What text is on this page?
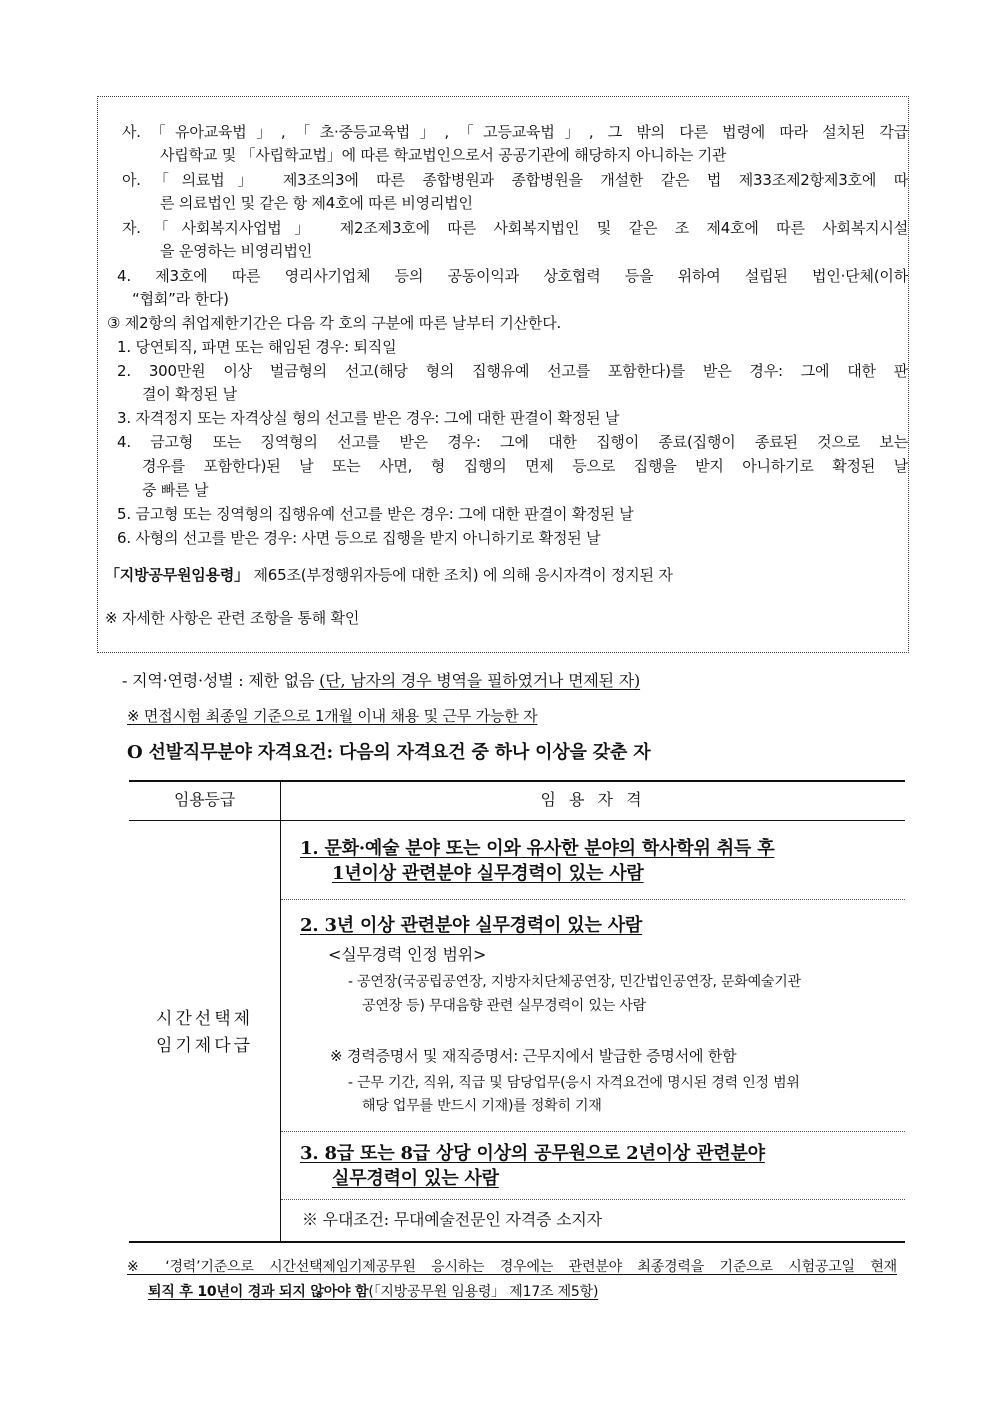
사.「유아교육법」,「초·중등교육법」,「고등교육법」, 그 밖의 다른 법령에 따라 설치된 각급
사립학교 및 「사립학교법」에 따른 학교법인으로서 공공기관에 해당하지 아니하는 기관
아.「의료법」 제3조의3에 따른 종합병원과 종합병원을 개설한 같은 법 제33조제2항제3호에 따
른 의료법인 및 같은 항 제4호에 따른 비영리법인
자.「사회복지사업법」 제2조제3호에 따른 사회복지법인 및 같은 조 제4호에 따른 사회복지시설
을 운영하는 비영리법인
4. 제3호에 따른 영리사기업체 등의 공동이익과 상호협력 등을 위하여 설립된 법인·단체(이하
“협회”라 한다)
③ 제2항의 취업제한기간은 다음 각 호의 구분에 따른 날부터 기산한다.
1. 당연퇴직, 파면 또는 해임된 경우: 퇴직일
2. 300만원 이상 벌금형의 선고(해당 형의 집행유예 선고를 포함한다)를 받은 경우: 그에 대한 판
결이 확정된 날
3. 자격정지 또는 자격상실 형의 선고를 받은 경우: 그에 대한 판결이 확정된 날
4. 금고형 또는 징역형의 선고를 받은 경우: 그에 대한 집행이 종료(집행이 종료된 것으로 보는
경우를 포함한다)된 날 또는 사면, 형 집행의 면제 등으로 집행을 받지 아니하기로 확정된 날
중 빠른 날
5. 금고형 또는 징역형의 집행유예 선고를 받은 경우: 그에 대한 판결이 확정된 날
6. 사형의 선고를 받은 경우: 사면 등으로 집행을 받지 아니하기로 확정된 날
「지방공무원임용령」 제65조(부정행위자등에 대한 조치) 에 의해 응시자격이 정지된 자
※ 자세한 사항은 관련 조항을 통해 확인
- 지역·연령·성별 : 제한 없음 (단, 남자의 경우 병역을 필하였거나 면제된 자)
※ 면접시험 최종일 기준으로 1개월 이내 채용 및 근무 가능한 자
O 선발직무분야 자격요건: 다음의 자격요건 중 하나 이상을 갖춘 자
임용등급	임 용 자 격
시간선택제
임기제다급
1. 문화·예술 분야 또는 이와 유사한 분야의 학사학위 취득 후
1년이상 관련분야 실무경력이 있는 사람
2. 3년 이상 관련분야 실무경력이 있는 사람
<실무경력 인정 범위>
- 공연장(국공립공연장, 지방자치단체공연장, 민간법인공연장, 문화예술기관
공연장 등) 무대음향 관련 실무경력이 있는 사람
※ 경력증명서 및 재직증명서: 근무지에서 발급한 증명서에 한함
- 근무 기간, 직위, 직급 및 담당업무(응시 자격요건에 명시된 경력 인정 범위
해당 업무를 반드시 기재)를 정확히 기재
3. 8급 또는 8급 상당 이상의 공무원으로 2년이상 관련분야
실무경력이 있는 사람
※ 우대조건: 무대예술전문인 자격증 소지자
※ ‘경력’기준으로 시간선택제임기제공무원 응시하는 경우에는 관련분야 최종경력을 기준으로 시험공고일 현재
퇴직 후 10년이 경과 되지 않아야 함(「지방공무원 임용령」 제17조 제5항)
